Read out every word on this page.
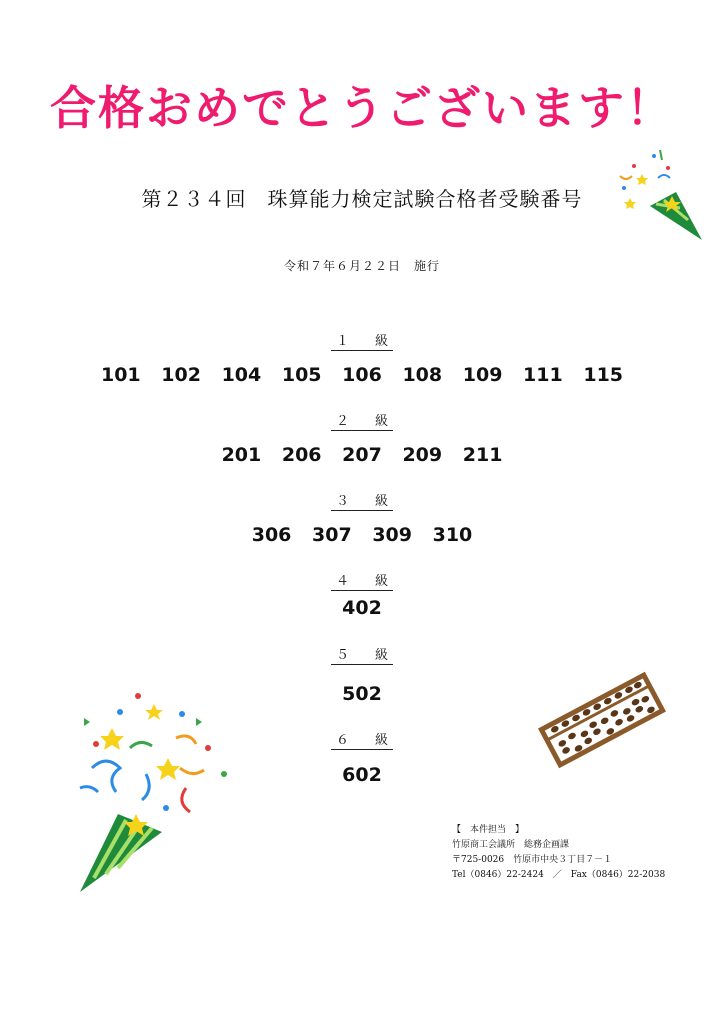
合格おめでとうございます！
第２３４回　珠算能力検定試験合格者受験番号
令和７年６月２２日　施行
１　　級
101 102 104 105 106 108 109 111 115
２　　級
201 206 207 209 211
３　　級
306 307 309 310
４　　級
402
５　　級
502
６　　級
602
【　本件担当　】
竹原商工会議所　総務企画課
〒725-0026　竹原市中央３丁目７－１
Tel（0846）22-2424　／　Fax（0846）22-2038
